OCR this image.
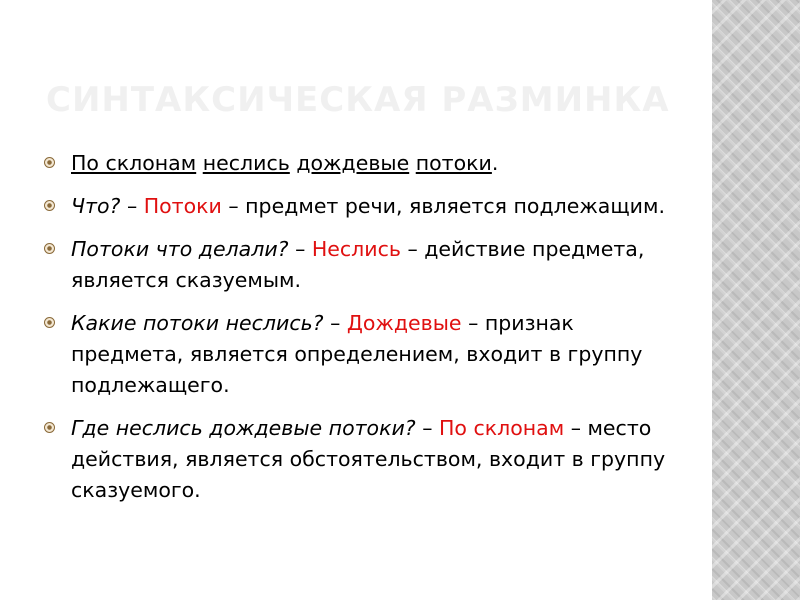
СИНТАКСИЧЕСКАЯ РАЗМИНКА
По склонам неслись дождевые потоки.
Что? – Потоки – предмет речи, является подлежащим.
Потоки что делали? – Неслись – действие предмета, является сказуемым.
Какие потоки неслись? – Дождевые – признак предмета, является определением, входит в группу подлежащего.
Где неслись дождевые потоки? – По склонам – место действия, является обстоятельством, входит в группу сказуемого.
